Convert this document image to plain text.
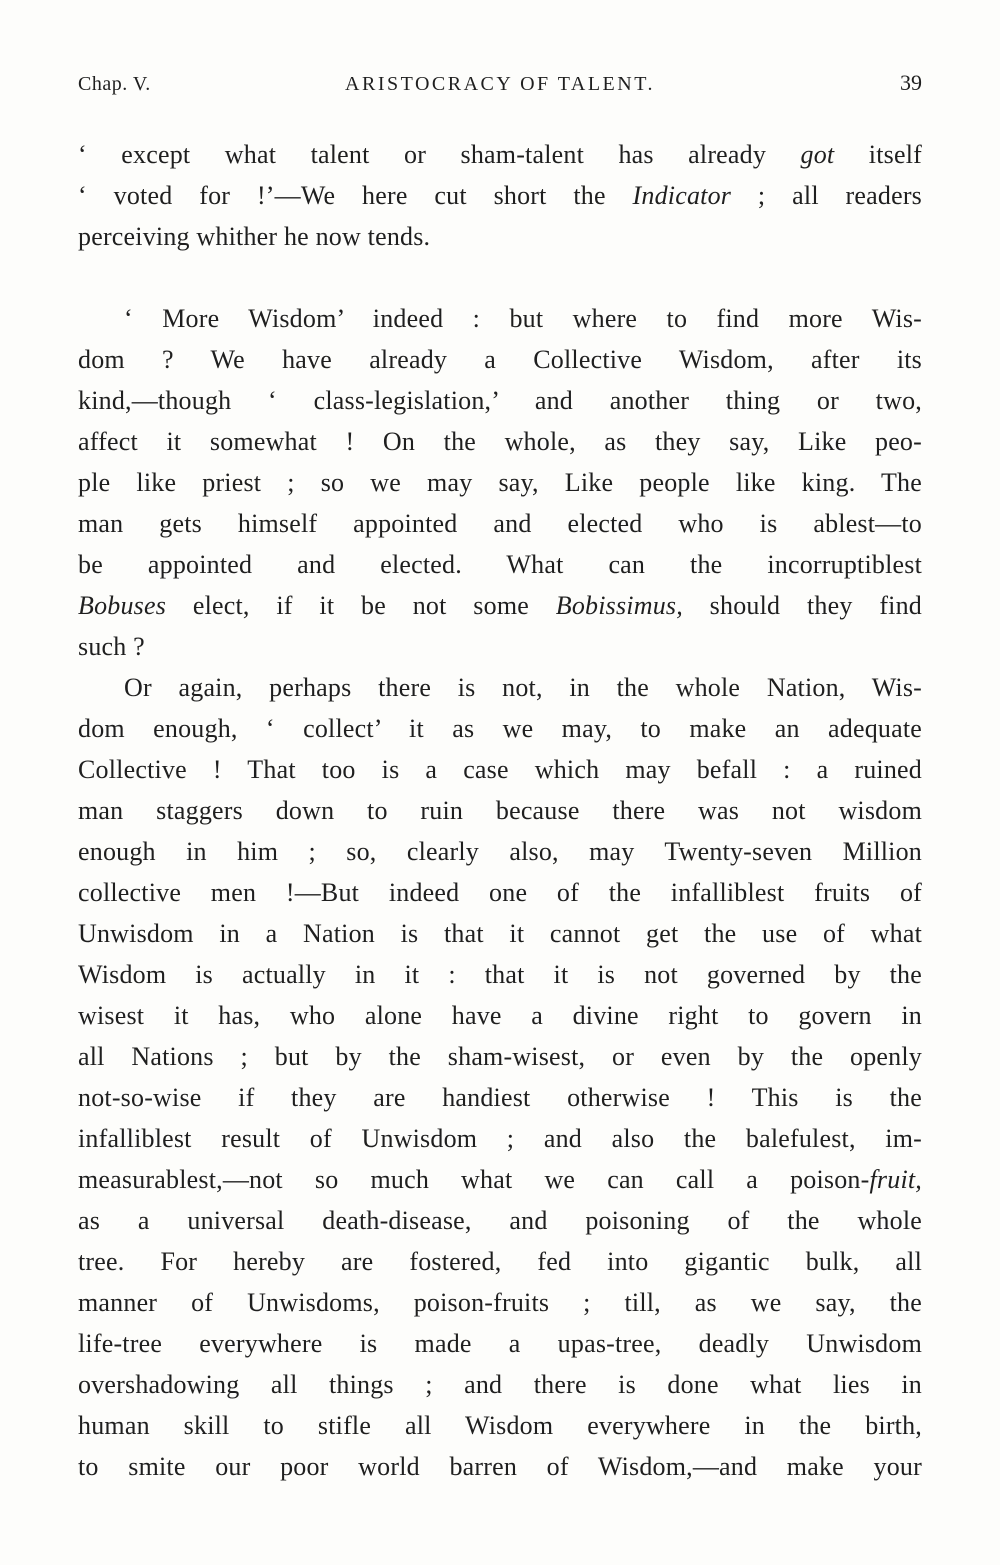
Chap. V.	ARISTOCRACY OF TALENT.	39
‘ except what talent or sham-talent has already got itself
‘ voted for !’—We here cut short the Indicator ; all readers
perceiving whither he now tends.
‘ More Wisdom’ indeed : but where to find more Wis-
dom ? We have already a Collective Wisdom, after its
kind,—though ‘ class-legislation,’ and another thing or two,
affect it somewhat ! On the whole, as they say, Like peo-
ple like priest ; so we may say, Like people like king. The
man gets himself appointed and elected who is ablest—to
be appointed and elected. What can the incorruptiblest
Bobuses elect, if it be not some Bobissimus, should they find
such ?
Or again, perhaps there is not, in the whole Nation, Wis-
dom enough, ‘ collect’ it as we may, to make an adequate
Collective ! That too is a case which may befall : a ruined
man staggers down to ruin because there was not wisdom
enough in him ; so, clearly also, may Twenty-seven Million
collective men !—But indeed one of the infalliblest fruits of
Unwisdom in a Nation is that it cannot get the use of what
Wisdom is actually in it : that it is not governed by the
wisest it has, who alone have a divine right to govern in
all Nations ; but by the sham-wisest, or even by the openly
not-so-wise if they are handiest otherwise ! This is the
infalliblest result of Unwisdom ; and also the balefulest, im-
measurablest,—not so much what we can call a poison-fruit,
as a universal death-disease, and poisoning of the whole
tree. For hereby are fostered, fed into gigantic bulk, all
manner of Unwisdoms, poison-fruits ; till, as we say, the
life-tree everywhere is made a upas-tree, deadly Unwisdom
overshadowing all things ; and there is done what lies in
human skill to stifle all Wisdom everywhere in the birth,
to smite our poor world barren of Wisdom,—and make your
